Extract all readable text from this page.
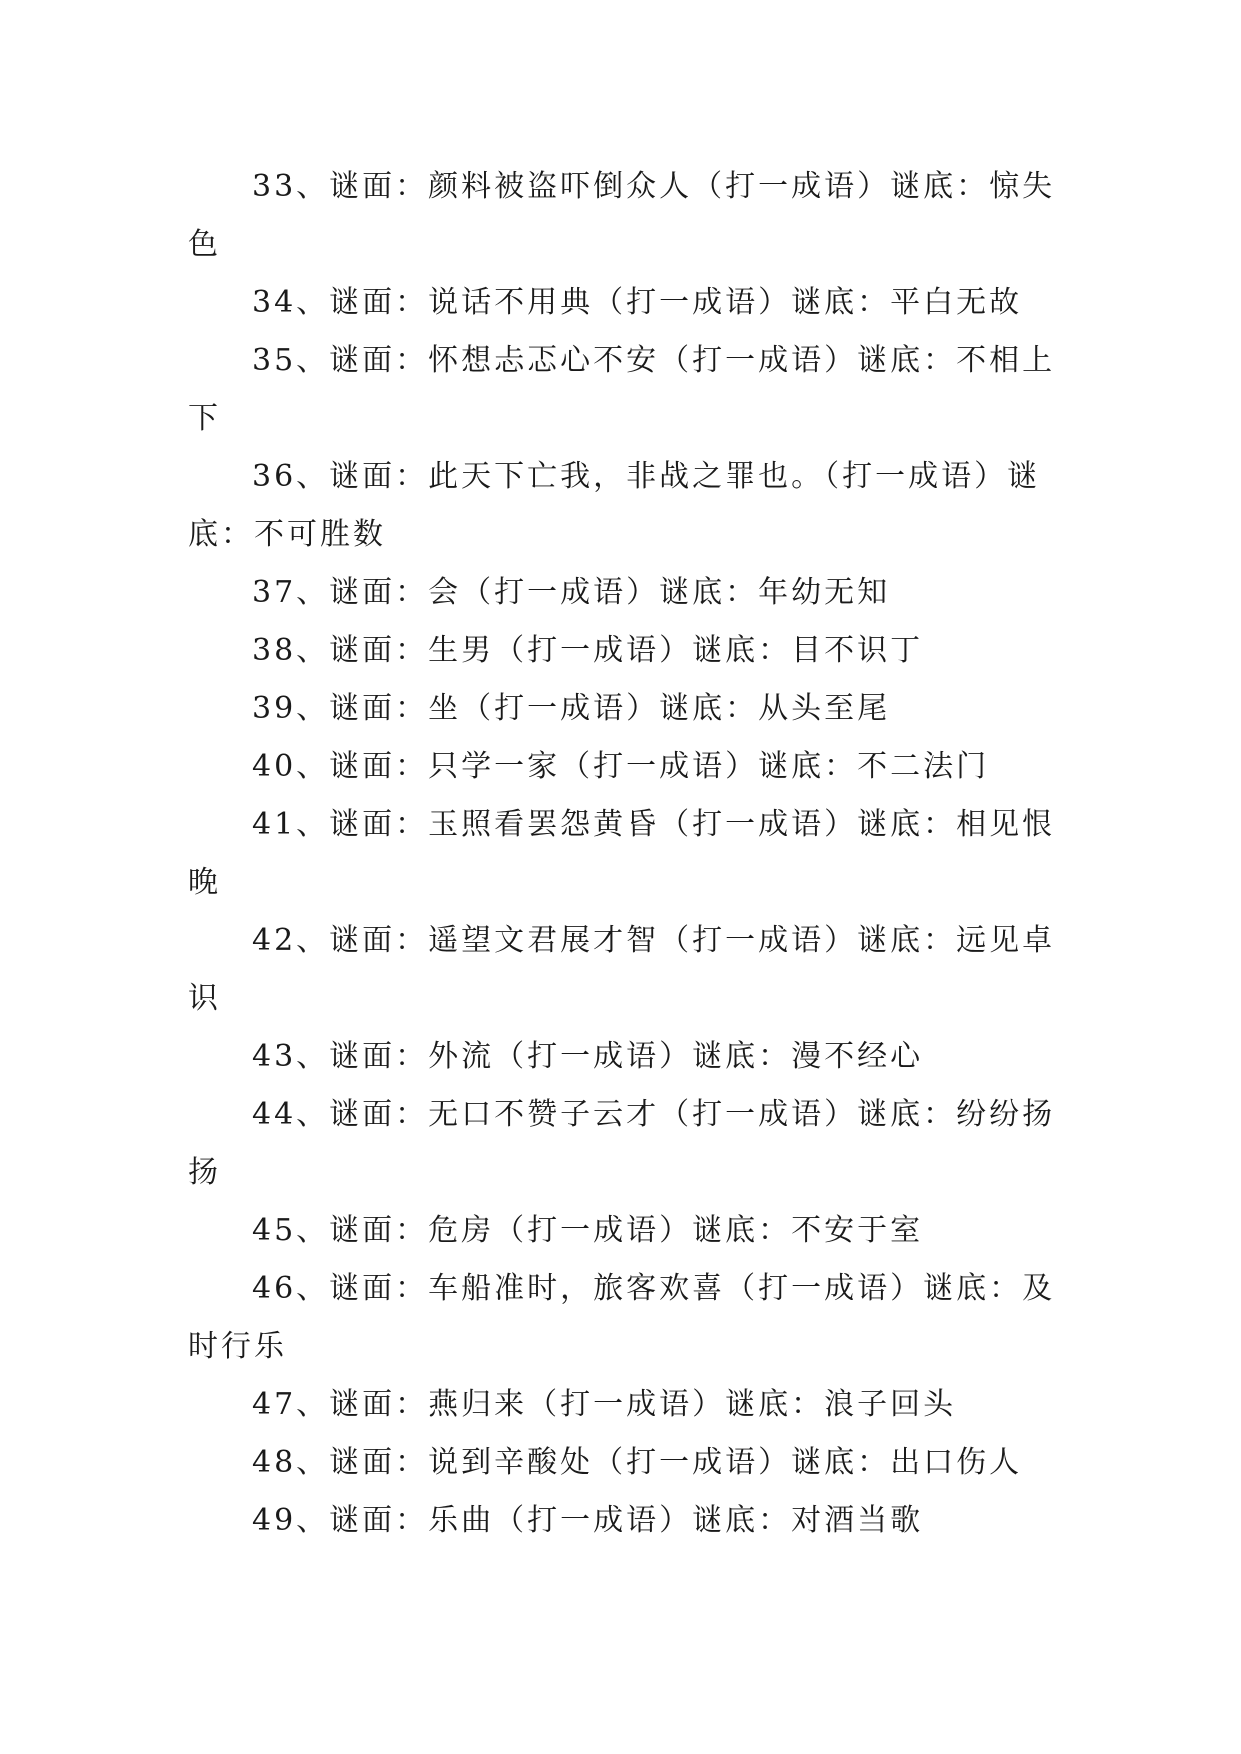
33、谜面：颜料被盗吓倒众人（打一成语）谜底：惊失
色

34、谜面：说话不用典（打一成语）谜底：平白无故

35、谜面：怀想忐忑心不安（打一成语）谜底：不相上
下

36、谜面：此天下亡我，非战之罪也。（打一成语）谜
底：不可胜数

37、谜面：会（打一成语）谜底：年幼无知

38、谜面：生男（打一成语）谜底：目不识丁

39、谜面：坐（打一成语）谜底：从头至尾

40、谜面：只学一家（打一成语）谜底：不二法门

41、谜面：玉照看罢怨黄昏（打一成语）谜底：相见恨
晚

42、谜面：遥望文君展才智（打一成语）谜底：远见卓
识

43、谜面：外流（打一成语）谜底：漫不经心

44、谜面：无口不赞子云才（打一成语）谜底：纷纷扬
扬

45、谜面：危房（打一成语）谜底：不安于室

46、谜面：车船准时，旅客欢喜（打一成语）谜底：及
时行乐

47、谜面：燕归来（打一成语）谜底：浪子回头

48、谜面：说到辛酸处（打一成语）谜底：出口伤人

49、谜面：乐曲（打一成语）谜底：对酒当歌
